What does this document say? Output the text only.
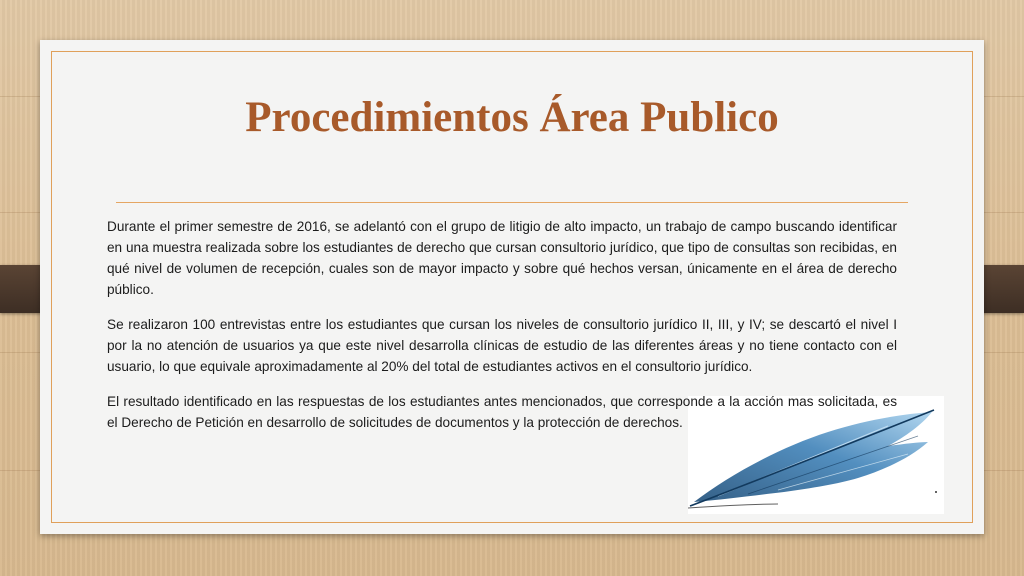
Procedimientos Área Publico

Durante el primer semestre de 2016, se adelantó con el grupo de litigio de alto impacto, un trabajo de campo buscando identificar en una muestra realizada sobre los estudiantes de derecho que cursan consultorio jurídico, que tipo de consultas son recibidas, en qué nivel de volumen de recepción, cuales son de mayor impacto y sobre qué hechos versan, únicamente en el área de derecho público.

Se realizaron 100 entrevistas entre los estudiantes que cursan los niveles de consultorio jurídico II, III, y IV; se descartó el nivel I por la no atención de usuarios ya que este nivel desarrolla clínicas de estudio de las diferentes áreas y no tiene contacto con el usuario, lo que equivale aproximadamente al 20% del total de estudiantes activos en el consultorio jurídico.

El resultado identificado en las respuestas de los estudiantes antes mencionados, que corresponde a la acción mas solicitada, es el Derecho de Petición en desarrollo de solicitudes de documentos y la protección de derechos.
